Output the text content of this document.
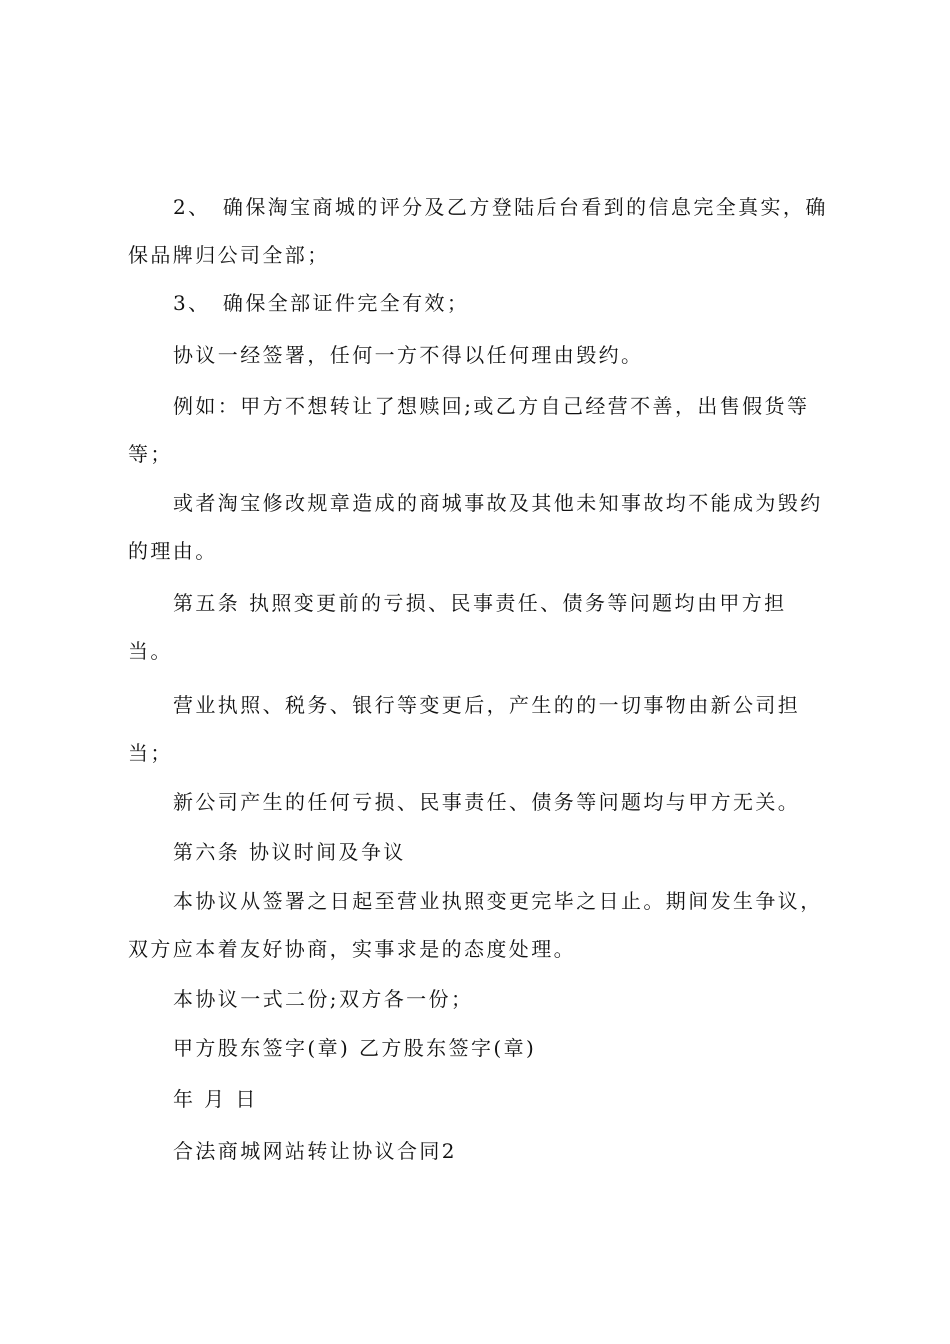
2、　确保淘宝商城的评分及乙方登陆后台看到的信息完全真实，确保品牌归公司全部；

3、　确保全部证件完全有效；

协议一经签署，任何一方不得以任何理由毁约。

例如：甲方不想转让了想赎回;或乙方自己经营不善，出售假货等等；

或者淘宝修改规章造成的商城事故及其他未知事故均不能成为毁约的理由。

第五条 执照变更前的亏损、民事责任、债务等问题均由甲方担当。

营业执照、税务、银行等变更后，产生的的一切事物由新公司担当；

新公司产生的任何亏损、民事责任、债务等问题均与甲方无关。

第六条 协议时间及争议

本协议从签署之日起至营业执照变更完毕之日止。期间发生争议，双方应本着友好协商，实事求是的态度处理。

本协议一式二份;双方各一份；

甲方股东签字(章) 乙方股东签字(章)

年 月 日

合法商城网站转让协议合同2
